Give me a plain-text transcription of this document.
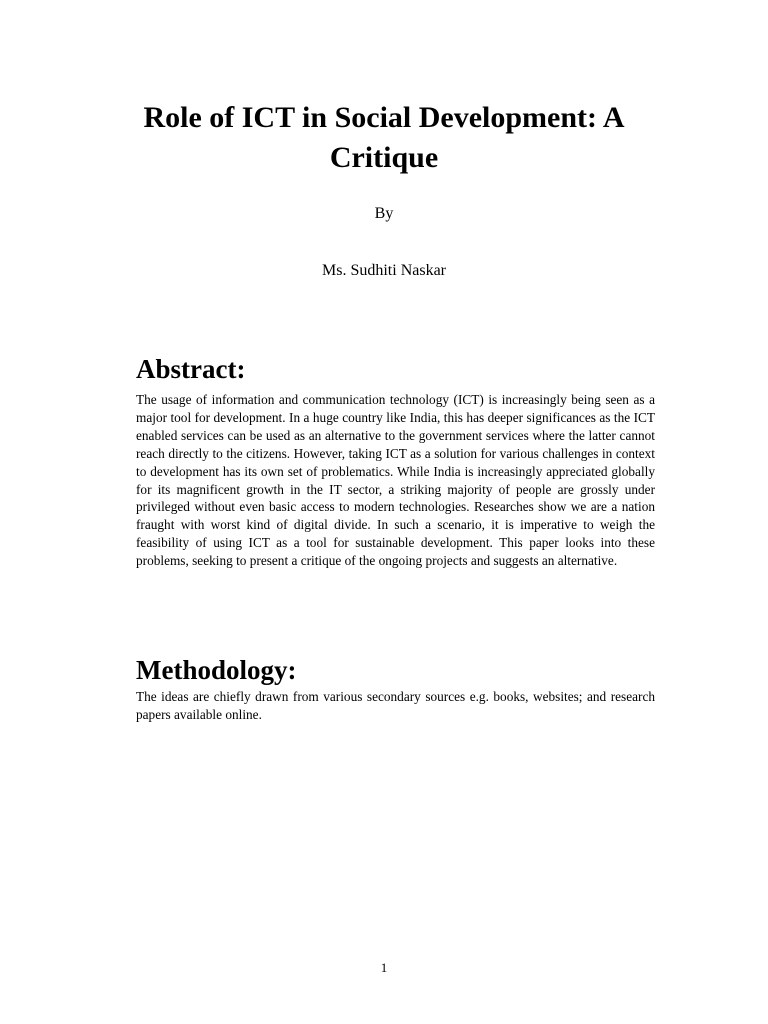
Role of ICT in Social Development: A Critique
By
Ms. Sudhiti Naskar
Abstract:

The usage of information and communication technology (ICT) is increasingly being seen as a major tool for development. In a huge country like India, this has deeper significances as the ICT enabled services can be used as an alternative to the government services where the latter cannot reach directly to the citizens. However, taking ICT as a solution for various challenges in context to development has its own set of problematics. While India is increasingly appreciated globally for its magnificent growth in the IT sector, a striking majority of people are grossly under privileged without even basic access to modern technologies. Researches show we are a nation fraught with worst kind of digital divide. In such a scenario, it is imperative to weigh the feasibility of using ICT as a tool for sustainable development. This paper looks into these problems, seeking to present a critique of the ongoing projects and suggests an alternative.

Methodology:

The ideas are chiefly drawn from various secondary sources e.g. books, websites; and research papers available online.

1
